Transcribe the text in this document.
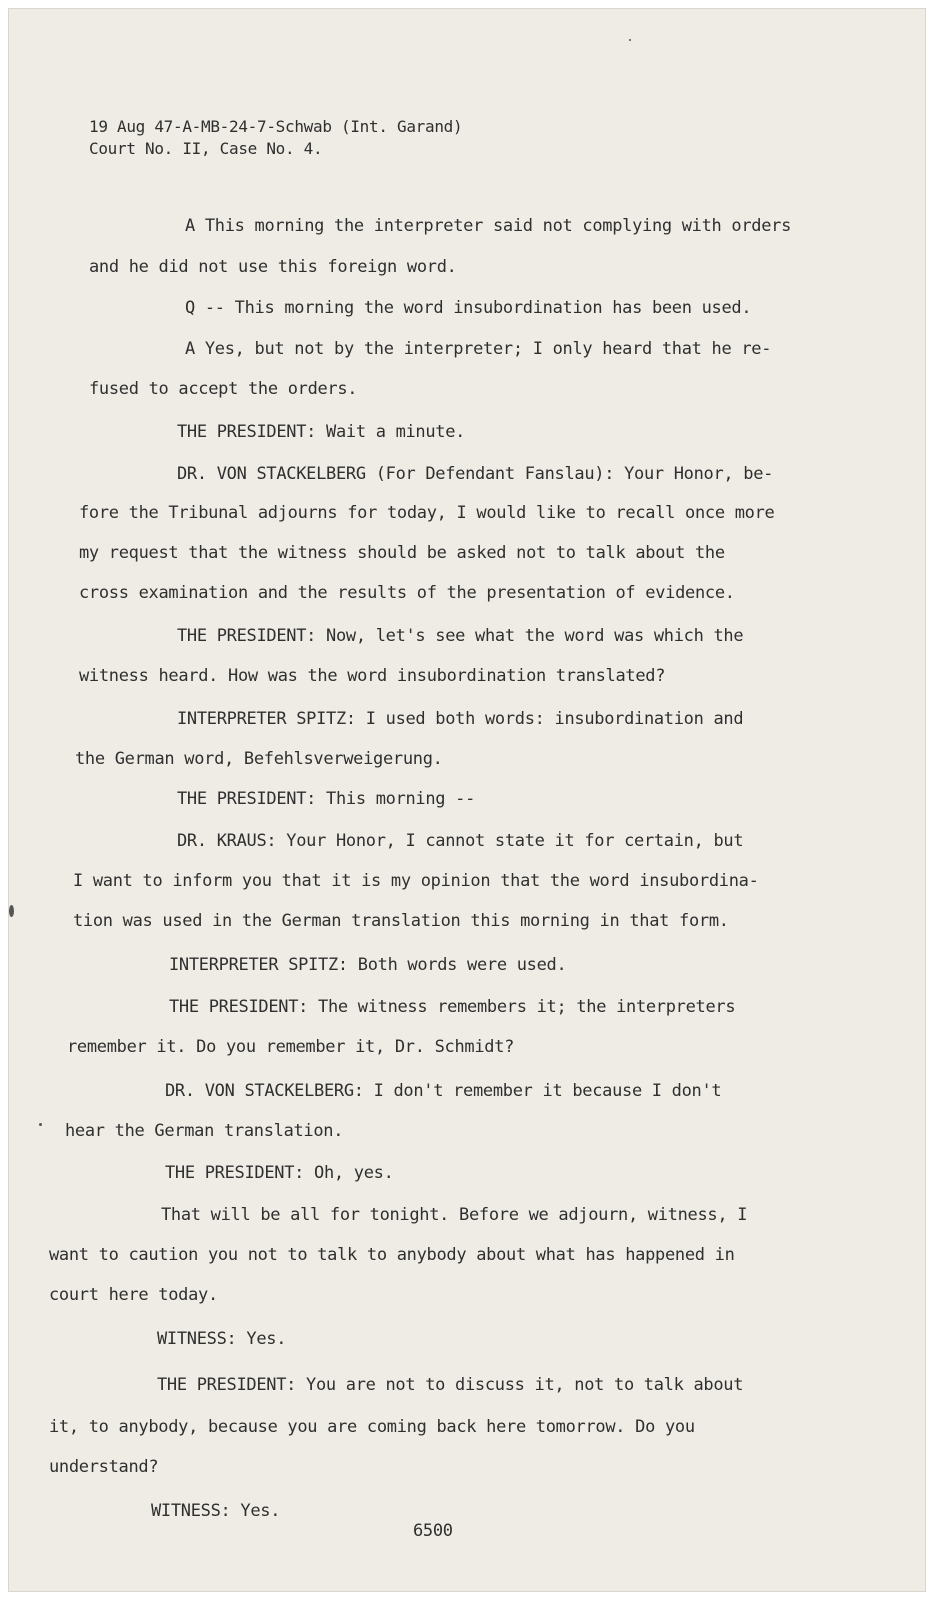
19 Aug 47-A-MB-24-7-Schwab (Int. Garand)
Court No. II, Case No. 4.
A This morning the interpreter said not complying with orders
and he did not use this foreign word.
Q -- This morning the word insubordination has been used.
A Yes, but not by the interpreter; I only heard that he re-
fused to accept the orders.
THE PRESIDENT: Wait a minute.
DR. VON STACKELBERG (For Defendant Fanslau): Your Honor, be-
fore the Tribunal adjourns for today, I would like to recall once more
my request that the witness should be asked not to talk about the
cross examination and the results of the presentation of evidence.
THE PRESIDENT: Now, let's see what the word was which the
witness heard. How was the word insubordination translated?
INTERPRETER SPITZ: I used both words: insubordination and
the German word, Befehlsverweigerung.
THE PRESIDENT: This morning --
DR. KRAUS: Your Honor, I cannot state it for certain, but
I want to inform you that it is my opinion that the word insubordina-
tion was used in the German translation this morning in that form.
INTERPRETER SPITZ: Both words were used.
THE PRESIDENT: The witness remembers it; the interpreters
remember it. Do you remember it, Dr. Schmidt?
DR. VON STACKELBERG: I don't remember it because I don't
hear the German translation.
THE PRESIDENT: Oh, yes.
That will be all for tonight. Before we adjourn, witness, I
want to caution you not to talk to anybody about what has happened in
court here today.
WITNESS: Yes.
THE PRESIDENT: You are not to discuss it, not to talk about
it, to anybody, because you are coming back here tomorrow. Do you
understand?
WITNESS: Yes.
6500
